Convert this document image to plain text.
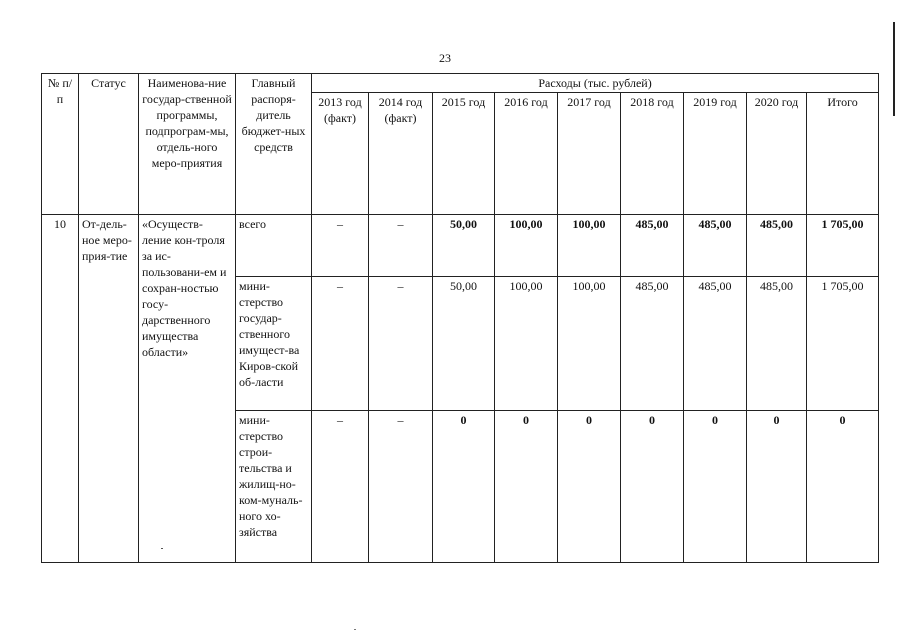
23
№ п/п	Статус	Наименова-ние государ-ственной программы, подпрограм-мы, отдель-ного меро-приятия	Главный распоря-дитель бюджет-ных средств	Расходы (тыс. рублей)								
				2013 год (факт)	2014 год (факт)	2015 год	2016 год	2017 год	2018 год	2019 год	2020 год	Итого
10	От-дель-ное меро-прия-тие	«Осуществ-ление кон-троля за ис-пользовани-ем и сохран-ностью госу-дарственного имущества области»	всего	–	–	50,00	100,00	100,00	485,00	485,00	485,00	1 705,00
			мини-стерство государ-ственного имущест-ва Киров-ской об-ласти	–	–	50,00	100,00	100,00	485,00	485,00	485,00	1 705,00
			мини-стерство строи-тельства и жилищ-но-ком-муналь-ного хо-зяйства	–	–	0	0	0	0	0	0	0
